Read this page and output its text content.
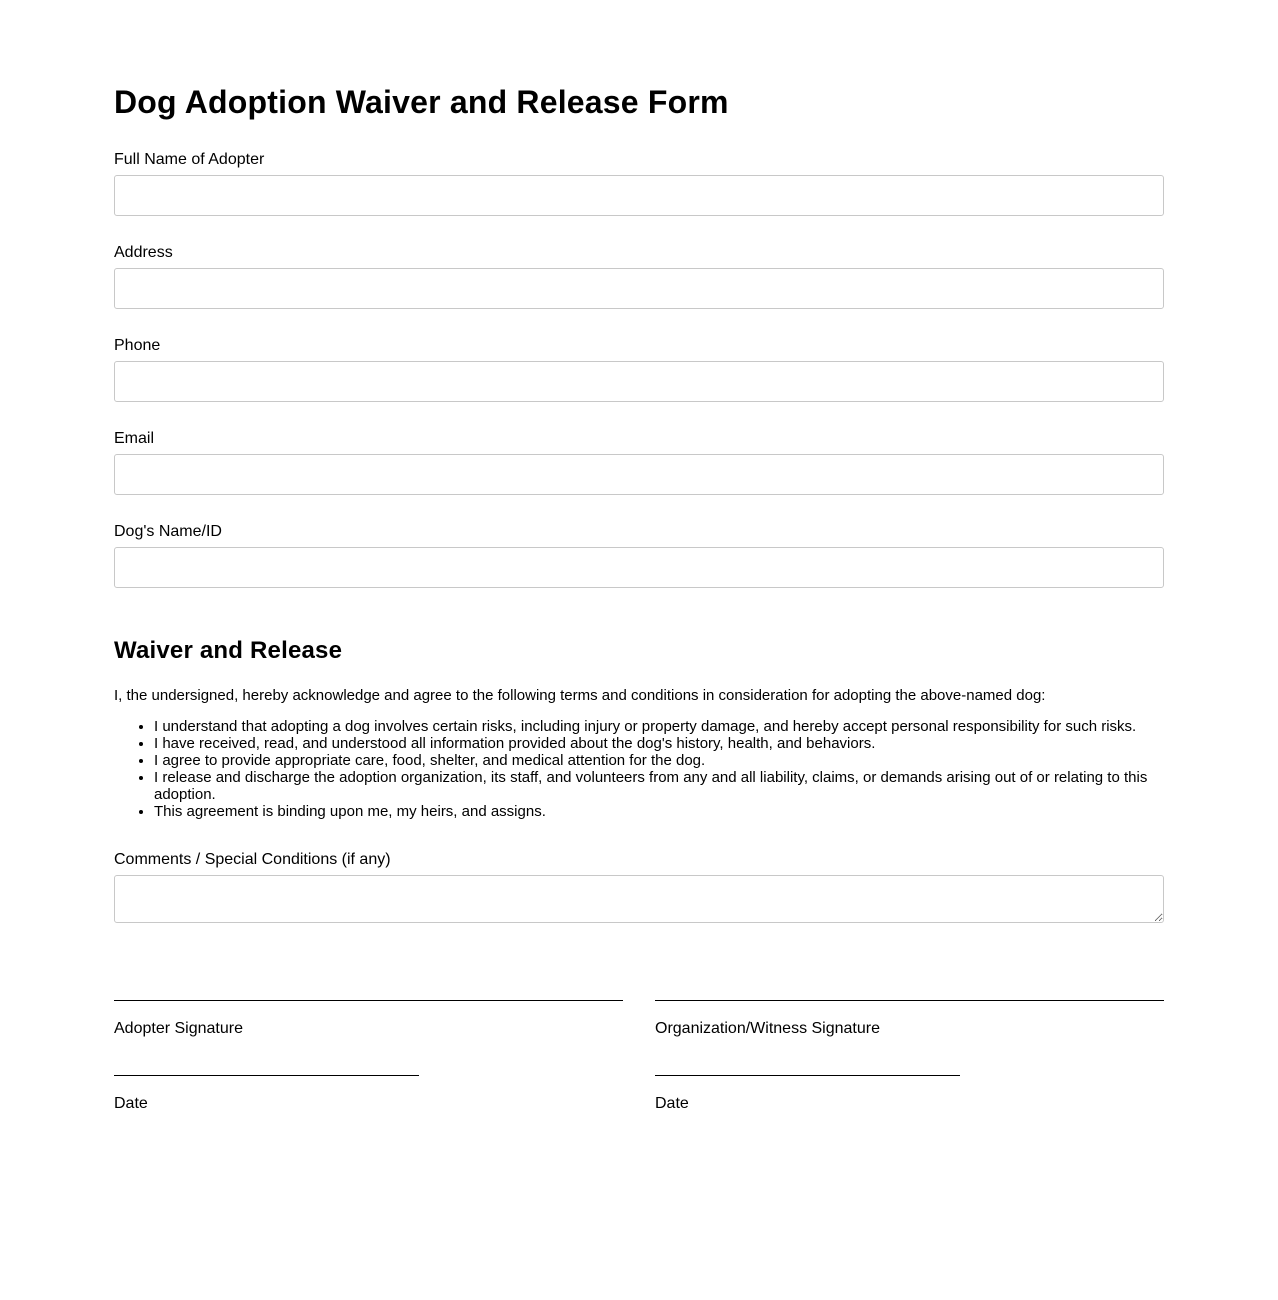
Dog Adoption Waiver and Release Form
Full Name of Adopter
Address
Phone
Email
Dog's Name/ID
Waiver and Release

I, the undersigned, hereby acknowledge and agree to the following terms and conditions in consideration for adopting the above-named dog:

• I understand that adopting a dog involves certain risks, including injury or property damage, and hereby accept personal responsibility for such risks.
• I have received, read, and understood all information provided about the dog's history, health, and behaviors.
• I agree to provide appropriate care, food, shelter, and medical attention for the dog.
• I release and discharge the adoption organization, its staff, and volunteers from any and all liability, claims, or demands arising out of or relating to this adoption.
• This agreement is binding upon me, my heirs, and assigns.
Comments / Special Conditions (if any)
Adopter Signature
Date
Organization/Witness Signature
Date
